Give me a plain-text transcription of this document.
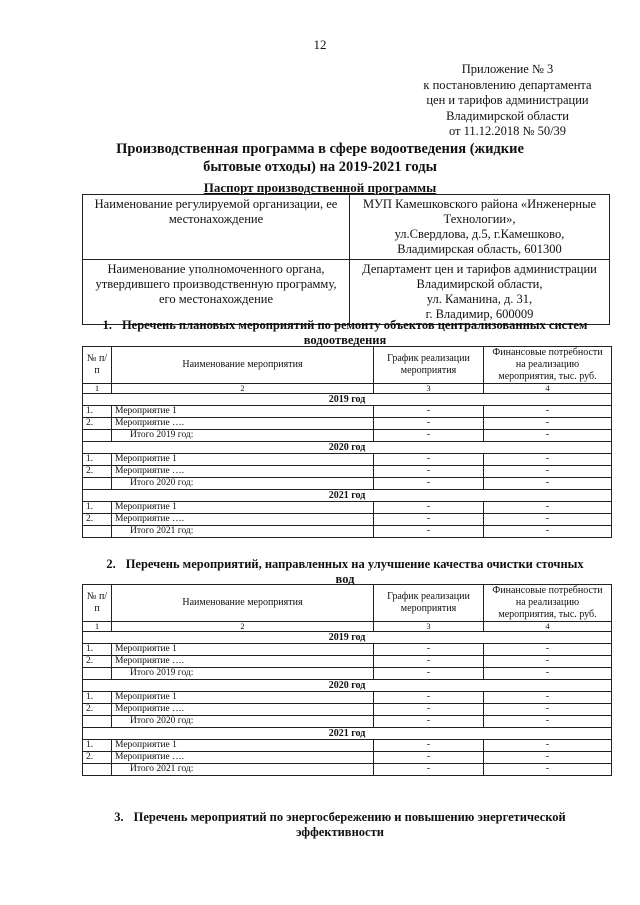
12
Приложение № 3
к постановлению департамента
цен и тарифов администрации
Владимирской области
от 11.12.2018 № 50/39
Производственная программа в сфере водоотведения (жидкие бытовые отходы) на 2019-2021 годы
Паспорт производственной программы
Наименование регулируемой организации, ее местонахождение	МУП Камешковского района «Инженерные
Технологии»,
ул.Свердлова, д.5, г.Камешково,
Владимирская область, 601300

Наименование уполномоченного органа, утвердившего производственную программу, его местонахождение	Департамент цен и тарифов администрации
Владимирской области,
ул. Каманина, д. 31,
г. Владимир, 600009
1. Перечень плановых мероприятий по ремонту объектов централизованных систем водоотведения
№ п/п	Наименование мероприятия	График реализации мероприятия	Финансовые потребности на реализацию мероприятия, тыс. руб.
1	2	3	4
2019 год			
1.	Мероприятие 1	-	-
2.	Мероприятие ….	-	-
	Итого 2019 год:	-	-
2020 год			
1.	Мероприятие 1	-	-
2.	Мероприятие ….	-	-
	Итого 2020 год:	-	-
2021 год			
1.	Мероприятие 1	-	-
2.	Мероприятие ….	-	-
	Итого 2021 год:	-	-
2. Перечень мероприятий, направленных на улучшение качества очистки сточных вод
№ п/п	Наименование мероприятия	График реализации мероприятия	Финансовые потребности на реализацию мероприятия, тыс. руб.
1	2	3	4
2019 год			
1.	Мероприятие 1	-	-
2.	Мероприятие ….	-	-
	Итого 2019 год:	-	-
2020 год			
1.	Мероприятие 1	-	-
2.	Мероприятие ….	-	-
	Итого 2020 год:	-	-
2021 год			
1.	Мероприятие 1	-	-
2.	Мероприятие ….	-	-
	Итого 2021 год:	-	-
3. Перечень мероприятий по энергосбережению и повышению энергетической эффективности
